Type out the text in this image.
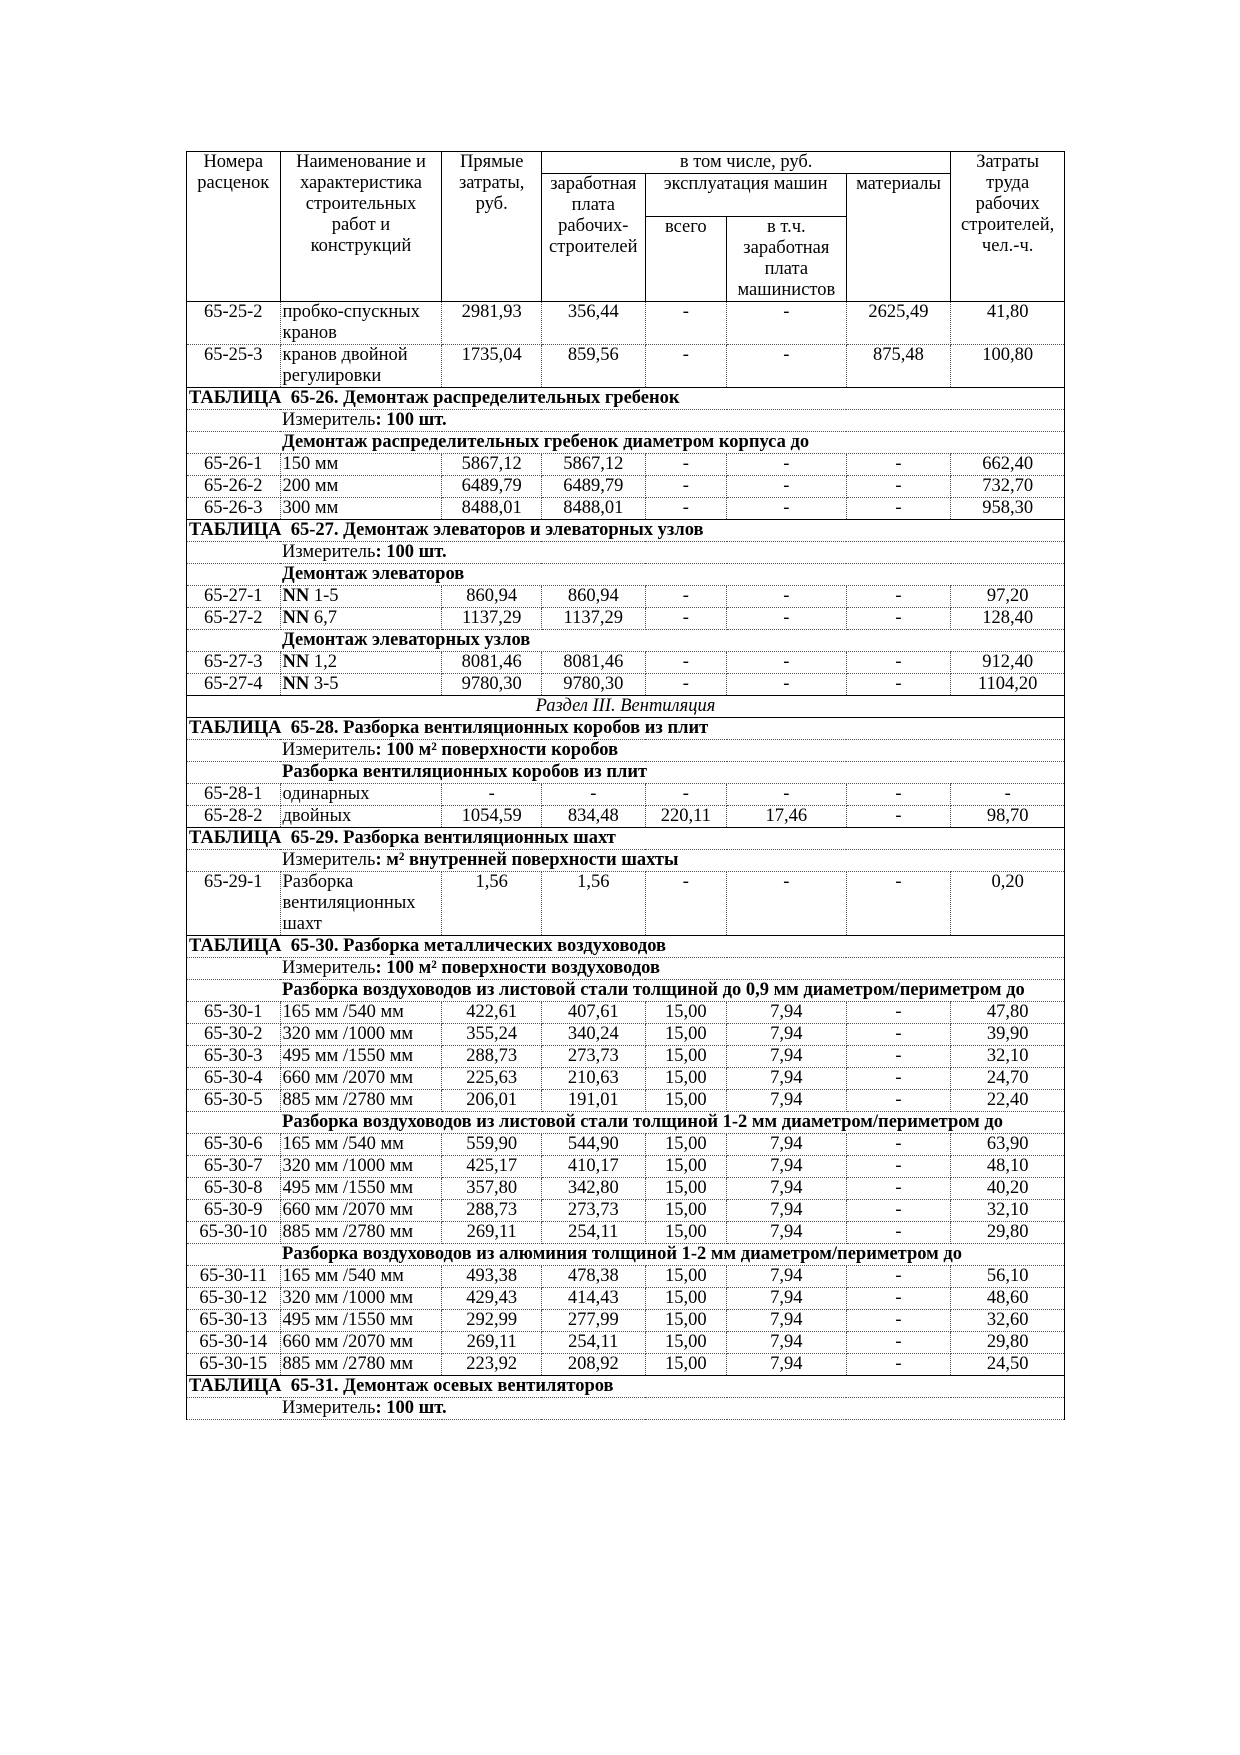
Номера расценок	Наименование и характеристика строительных работ и конструкций	Прямые затраты, руб.	в том числе, руб.				Затраты труда рабочих строителей, чел.-ч.
			заработная плата рабочих-строителей	эксплуатация машин		материалы	
				всего	в т.ч. заработная плата машинистов		
65-25-2	пробко-спускных кранов	2981,93	356,44	-	-	2625,49	41,80
65-25-3	кранов двойной регулировки	1735,04	859,56	-	-	875,48	100,80
ТАБЛИЦА  65-26. Демонтаж распределительных гребенок							
	Измеритель: 100 шт.						
	Демонтаж распределительных гребенок диаметром корпуса до						
65-26-1	150 мм	5867,12	5867,12	-	-	-	662,40
65-26-2	200 мм	6489,79	6489,79	-	-	-	732,70
65-26-3	300 мм	8488,01	8488,01	-	-	-	958,30
ТАБЛИЦА  65-27. Демонтаж элеваторов и элеваторных узлов							
	Измеритель: 100 шт.						
	Демонтаж элеваторов						
65-27-1	NN 1-5	860,94	860,94	-	-	-	97,20
65-27-2	NN 6,7	1137,29	1137,29	-	-	-	128,40
	Демонтаж элеваторных узлов						
65-27-3	NN 1,2	8081,46	8081,46	-	-	-	912,40
65-27-4	NN 3-5	9780,30	9780,30	-	-	-	1104,20
Раздел III. Вентиляция							
ТАБЛИЦА  65-28. Разборка вентиляционных коробов из плит							
	Измеритель: 100 м² поверхности коробов						
	Разборка вентиляционных коробов из плит						
65-28-1	одинарных	-	-	-	-	-	-
65-28-2	двойных	1054,59	834,48	220,11	17,46	-	98,70
ТАБЛИЦА  65-29. Разборка вентиляционных шахт							
	Измеритель: м² внутренней поверхности шахты						
65-29-1	Разборка вентиляционных шахт	1,56	1,56	-	-	-	0,20
ТАБЛИЦА  65-30. Разборка металлических воздуховодов							
	Измеритель: 100 м² поверхности воздуховодов						
	Разборка воздуховодов из листовой стали толщиной до 0,9 мм диаметром/периметром до						
65-30-1	165 мм /540 мм	422,61	407,61	15,00	7,94	-	47,80
65-30-2	320 мм /1000 мм	355,24	340,24	15,00	7,94	-	39,90
65-30-3	495 мм /1550 мм	288,73	273,73	15,00	7,94	-	32,10
65-30-4	660 мм /2070 мм	225,63	210,63	15,00	7,94	-	24,70
65-30-5	885 мм /2780 мм	206,01	191,01	15,00	7,94	-	22,40
	Разборка воздуховодов из листовой стали толщиной 1-2 мм диаметром/периметром до						
65-30-6	165 мм /540 мм	559,90	544,90	15,00	7,94	-	63,90
65-30-7	320 мм /1000 мм	425,17	410,17	15,00	7,94	-	48,10
65-30-8	495 мм /1550 мм	357,80	342,80	15,00	7,94	-	40,20
65-30-9	660 мм /2070 мм	288,73	273,73	15,00	7,94	-	32,10
65-30-10	885 мм /2780 мм	269,11	254,11	15,00	7,94	-	29,80
	Разборка воздуховодов из алюминия толщиной 1-2 мм диаметром/периметром до						
65-30-11	165 мм /540 мм	493,38	478,38	15,00	7,94	-	56,10
65-30-12	320 мм /1000 мм	429,43	414,43	15,00	7,94	-	48,60
65-30-13	495 мм /1550 мм	292,99	277,99	15,00	7,94	-	32,60
65-30-14	660 мм /2070 мм	269,11	254,11	15,00	7,94	-	29,80
65-30-15	885 мм /2780 мм	223,92	208,92	15,00	7,94	-	24,50
ТАБЛИЦА  65-31. Демонтаж осевых вентиляторов							
	Измеритель: 100 шт.						
